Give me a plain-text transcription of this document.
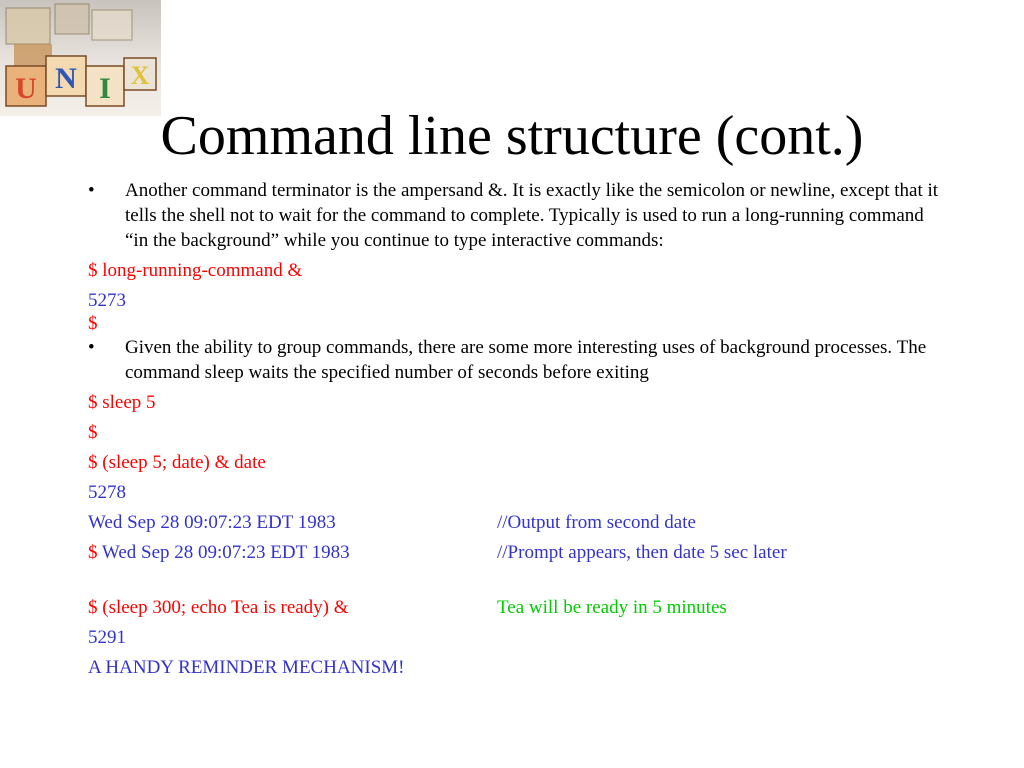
U N I X
Command line structure (cont.)
• Another command terminator is the ampersand &. It is exactly like the semicolon or newline, except that it tells the shell not to wait for the command to complete. Typically is used to run a long-running command “in the background” while you continue to type interactive commands:
$ long-running-command &
5273
$
• Given the ability to group commands, there are some more interesting uses of background processes. The command sleep waits the specified number of seconds before exiting
$ sleep 5
$
$ (sleep 5; date) & date
5278
Wed Sep 28 09:07:23 EDT 1983	//Output from second date
$ Wed Sep 28 09:07:23 EDT 1983	//Prompt appears, then date 5 sec later
$ (sleep 300; echo Tea is ready) &	Tea will be ready in 5 minutes
5291
A HANDY REMINDER MECHANISM!
